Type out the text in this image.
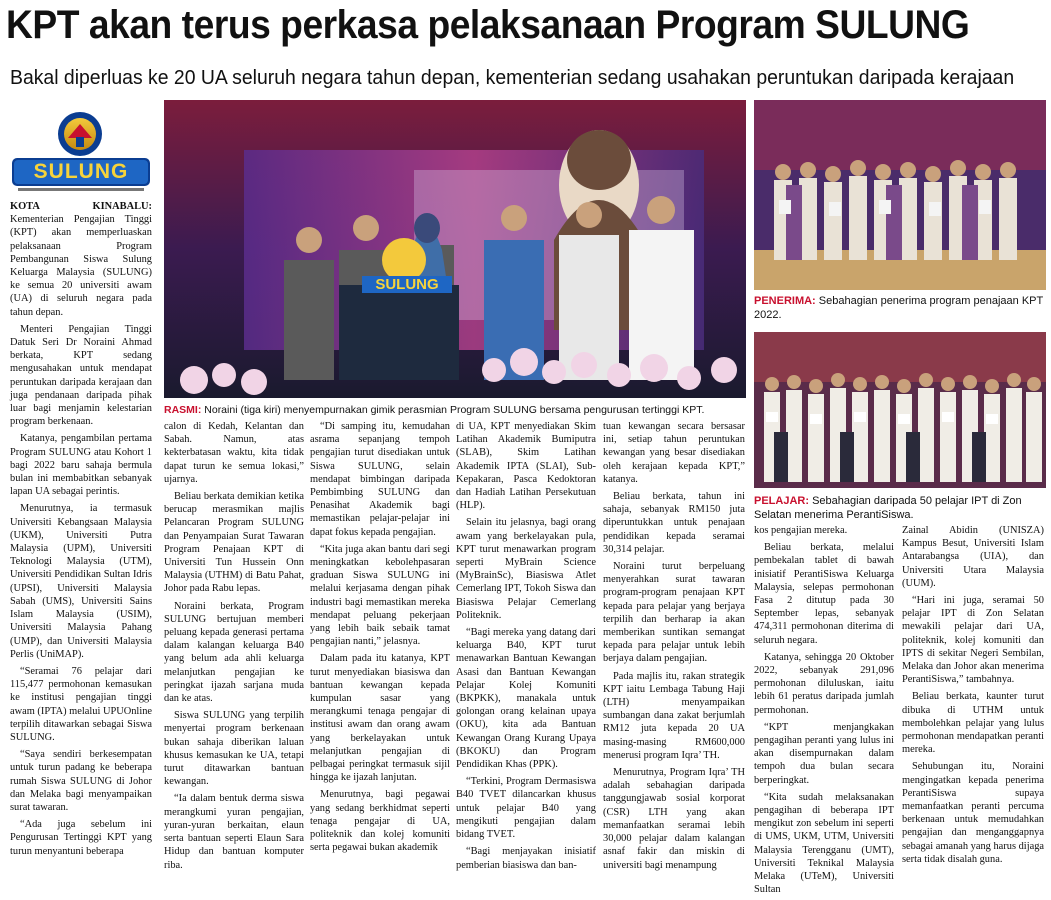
KPT akan terus perkasa pelaksanaan Program SULUNG
Bakal diperluas ke 20 UA seluruh negara tahun depan, kementerian sedang usahakan peruntukan daripada kerajaan
SULUNG
SULUNG
RASMI: Noraini (tiga kiri) menyempurnakan gimik perasmian Program SULUNG bersama pengurusan tertinggi KPT.
PENERIMA: Sebahagian penerima program penajaan KPT 2022.
PELAJAR: Sebahagian daripada 50 pelajar IPT di Zon Selatan menerima PerantiSiswa.

KOTA KINABALU: Kementerian Pengajian Tinggi (KPT) akan memperluaskan pelaksanaan Program Pembangunan Siswa Sulung Keluarga Malaysia (SULUNG) ke semua 20 universiti awam (UA) di seluruh negara pada tahun depan.

Menteri Pengajian Tinggi Datuk Seri Dr Noraini Ahmad berkata, KPT sedang mengusahakan untuk mendapat peruntukan daripada kerajaan dan juga pendanaan daripada pihak luar bagi menjamin kelestarian program berkenaan.

Katanya, pengambilan pertama Program SULUNG atau Kohort 1 bagi 2022 baru sahaja bermula bulan ini membabitkan sebanyak lapan UA sebagai perintis.

Menurutnya, ia termasuk Universiti Kebangsaan Malaysia (UKM), Universiti Putra Malaysia (UPM), Universiti Teknologi Malaysia (UTM), Universiti Pendidikan Sultan Idris (UPSI), Universiti Malaysia Sabah (UMS), Universiti Sains Islam Malaysia (USIM), Universiti Malaysia Pahang (UMP), dan Universiti Malaysia Perlis (UniMAP).

“Seramai 76 pelajar dari 115,477 permohonan kemasukan ke institusi pengajian tinggi awam (IPTA) melalui UPUOnline terpilih ditawarkan sebagai Siswa SULUNG.

“Saya sendiri berkesempatan untuk turun padang ke beberapa rumah Siswa SULUNG di Johor dan Melaka bagi menyampaikan surat tawaran.

“Ada juga sebelum ini Pengurusan Tertinggi KPT yang turun menyantuni beberapa

calon di Kedah, Kelantan dan Sabah. Namun, atas kekterbatasan waktu, kita tidak dapat turun ke semua lokasi,” ujarnya.

Beliau berkata demikian ketika berucap merasmikan majlis Pelancaran Program SULUNG dan Penyampaian Surat Tawaran Program Penajaan KPT di Universiti Tun Hussein Onn Malaysia (UTHM) di Batu Pahat, Johor pada Rabu lepas.

Noraini berkata, Program SULUNG bertujuan memberi peluang kepada generasi pertama dalam kalangan keluarga B40 yang belum ada ahli keluarga melanjutkan pengajian ke peringkat ijazah sarjana muda dan ke atas.

Siswa SULUNG yang terpilih menyertai program berkenaan bukan sahaja diberikan laluan khusus kemasukan ke UA, tetapi turut ditawarkan bantuan kewangan.

“Ia dalam bentuk derma siswa merangkumi yuran pengajian, yuran-yuran berkaitan, elaun serta bantuan seperti Elaun Sara Hidup dan bantuan komputer riba.

“Di samping itu, kemudahan asrama sepanjang tempoh pengajian turut disediakan untuk Siswa SULUNG, selain mendapat bimbingan daripada Pembimbing SULUNG dan Penasihat Akademik bagi memastikan pelajar-pelajar ini dapat fokus kepada pengajian.

“Kita juga akan bantu dari segi meningkatkan kebolehpasaran graduan Siswa SULUNG ini melalui kerjasama dengan pihak industri bagi memastikan mereka mendapat peluang pekerjaan yang lebih baik sebaik tamat pengajian nanti,” jelasnya.

Dalam pada itu katanya, KPT turut menyediakan biasiswa dan bantuan kewangan kepada kumpulan sasar yang merangkumi tenaga pengajar di institusi awam dan orang awam yang berkelayakan untuk melanjutkan pengajian di pelbagai peringkat termasuk sijil hingga ke ijazah lanjutan.

Menurutnya, bagi pegawai yang sedang berkhidmat seperti tenaga pengajar di UA, politeknik dan kolej komuniti serta pegawai bukan akademik

di UA, KPT menyediakan Skim Latihan Akademik Bumiputra (SLAB), Skim Latihan Akademik IPTA (SLAI), Sub-Kepakaran, Pasca Kedoktoran dan Hadiah Latihan Persekutuan (HLP).

Selain itu jelasnya, bagi orang awam yang berkelayakan pula, KPT turut menawarkan program seperti MyBrain Science (MyBrainSc), Biasiswa Atlet Cemerlang IPT, Tokoh Siswa dan Biasiswa Pelajar Cemerlang Politeknik.

“Bagi mereka yang datang dari keluarga B40, KPT turut menawarkan Bantuan Kewangan Asasi dan Bantuan Kewangan Pelajar Kolej Komuniti (BKPKK), manakala untuk golongan orang kelainan upaya (OKU), kita ada Bantuan Kewangan Orang Kurang Upaya (BKOKU) dan Program Pendidikan Khas (PPK).

“Terkini, Program Dermasiswa B40 TVET dilancarkan khusus untuk pelajar B40 yang mengikuti pengajian dalam bidang TVET.

“Bagi menjayakan inisiatif pemberian biasiswa dan ban-

tuan kewangan secara bersasar ini, setiap tahun peruntukan kewangan yang besar disediakan oleh kerajaan kepada KPT,” katanya.

Beliau berkata, tahun ini sahaja, sebanyak RM150 juta diperuntukkan untuk penajaan pendidikan kepada seramai 30,314 pelajar.

Noraini turut berpeluang menyerahkan surat tawaran program-program penajaan KPT kepada para pelajar yang berjaya terpilih dan berharap ia akan memberikan suntikan semangat kepada para pelajar untuk lebih berjaya dalam pengajian.

Pada majlis itu, rakan strategik KPT iaitu Lembaga Tabung Haji (LTH) menyampaikan sumbangan dana zakat berjumlah RM12 juta kepada 20 UA masing-masing RM600,000 menerusi program Iqra’ TH.

Menurutnya, Program Iqra’ TH adalah sebahagian daripada tanggungjawab sosial korporat (CSR) LTH yang akan memanfaatkan seramai lebih 30,000 pelajar dalam kalangan asnaf fakir dan miskin di universiti bagi menampung

kos pengajian mereka.

Beliau berkata, melalui pembekalan tablet di bawah inisiatif PerantiSiswa Keluarga Malaysia, selepas permohonan Fasa 2 ditutup pada 30 September lepas, sebanyak 474,311 permohonan diterima di seluruh negara.

Katanya, sehingga 20 Oktober 2022, sebanyak 291,096 permohonan diluluskan, iaitu lebih 61 peratus daripada jumlah permohonan.

“KPT menjangkakan pengagihan peranti yang lulus ini akan disempurnakan dalam tempoh dua bulan secara berperingkat.

“Kita sudah melaksanakan pengagihan di beberapa IPT mengikut zon sebelum ini seperti di UMS, UKM, UTM, Universiti Malaysia Terengganu (UMT), Universiti Teknikal Malaysia Melaka (UTeM), Universiti Sultan

Zainal Abidin (UNISZA) Kampus Besut, Universiti Islam Antarabangsa (UIA), dan Universiti Utara Malaysia (UUM).

“Hari ini juga, seramai 50 pelajar IPT di Zon Selatan mewakili pelajar dari UA, politeknik, kolej komuniti dan IPTS di sekitar Negeri Sembilan, Melaka dan Johor akan menerima PerantiSiswa,” tambahnya.

Beliau berkata, kaunter turut dibuka di UTHM untuk membolehkan pelajar yang lulus permohonan mendapatkan peranti mereka.

Sehubungan itu, Noraini mengingatkan kepada penerima PerantiSiswa supaya memanfaatkan peranti percuma berkenaan untuk memudahkan pengajian dan menganggapnya sebagai amanah yang harus dijaga serta tidak disalah guna.
